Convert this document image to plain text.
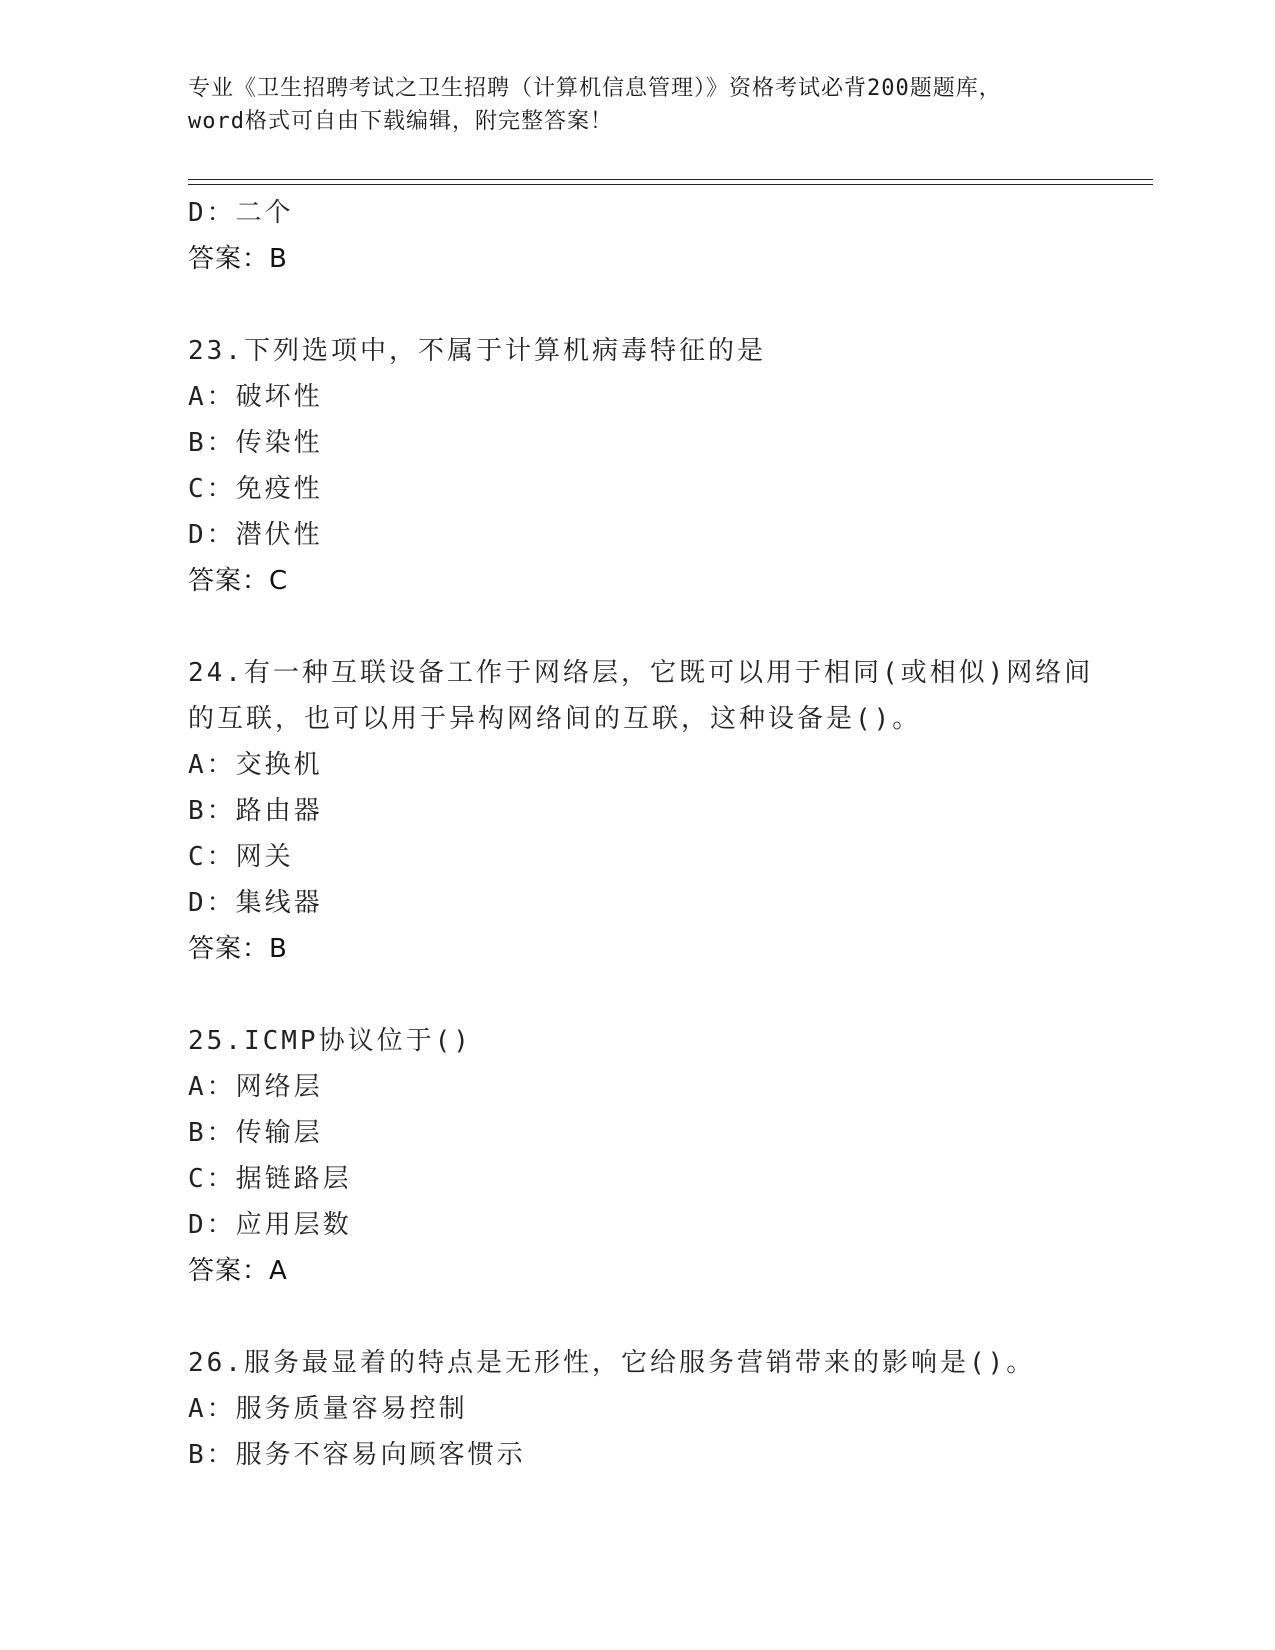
专业《卫生招聘考试之卫生招聘（计算机信息管理）》资格考试必背200题题库，
word格式可自由下载编辑，附完整答案！
D：二个
答案：B
23.下列选项中，不属于计算机病毒特征的是
A：破坏性
B：传染性
C：免疫性
D：潜伏性
答案：C
24.有一种互联设备工作于网络层，它既可以用于相同(或相似)网络间
的互联，也可以用于异构网络间的互联，这种设备是()。
A：交换机
B：路由器
C：网关
D：集线器
答案：B
25.ICMP协议位于()
A：网络层
B：传输层
C：据链路层
D：应用层数
答案：A
26.服务最显着的特点是无形性，它给服务营销带来的影响是()。
A：服务质量容易控制
B：服务不容易向顾客惯示
